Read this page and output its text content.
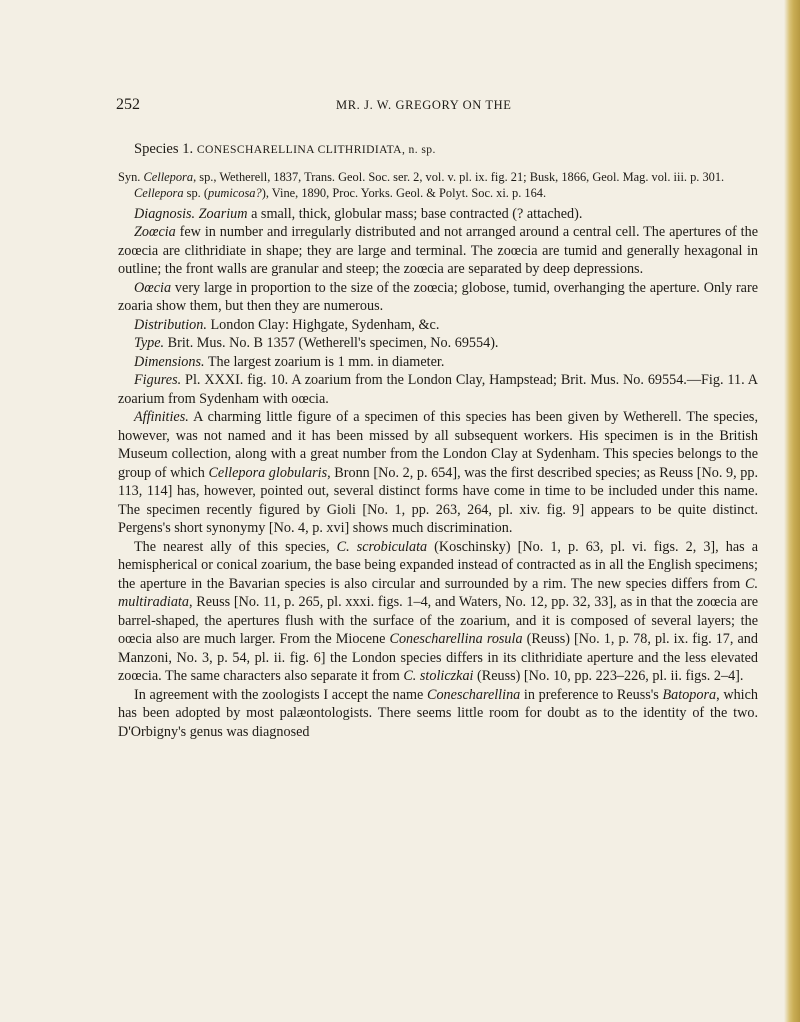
252	MR. J. W. GREGORY ON THE

Species 1. CONESCHARELLINA CLITHRIDIATA, n. sp.

Syn. Cellepora, sp., Wetherell, 1837, Trans. Geol. Soc. ser. 2, vol. v. pl. ix. fig. 21; Busk, 1866, Geol. Mag. vol. iii. p. 301.

Cellepora sp. (pumicosa?), Vine, 1890, Proc. Yorks. Geol. & Polyt. Soc. xi. p. 164.

Diagnosis. Zoarium a small, thick, globular mass; base contracted (? attached).

Zoœcia few in number and irregularly distributed and not arranged around a central cell. The apertures of the zoœcia are clithridiate in shape; they are large and terminal. The zoœcia are tumid and generally hexagonal in outline; the front walls are granular and steep; the zoœcia are separated by deep depressions.

Oœcia very large in proportion to the size of the zoœcia; globose, tumid, overhanging the aperture. Only rare zoaria show them, but then they are numerous.

Distribution. London Clay: Highgate, Sydenham, &c.

Type. Brit. Mus. No. B 1357 (Wetherell's specimen, No. 69554).

Dimensions. The largest zoarium is 1 mm. in diameter.

Figures. Pl. XXXI. fig. 10. A zoarium from the London Clay, Hampstead; Brit. Mus. No. 69554.—Fig. 11. A zoarium from Sydenham with oœcia.

Affinities. A charming little figure of a specimen of this species has been given by Wetherell. The species, however, was not named and it has been missed by all subsequent workers. His specimen is in the British Museum collection, along with a great number from the London Clay at Sydenham. This species belongs to the group of which Cellepora globularis, Bronn [No. 2, p. 654], was the first described species; as Reuss [No. 9, pp. 113, 114] has, however, pointed out, several distinct forms have come in time to be included under this name. The specimen recently figured by Gioli [No. 1, pp. 263, 264, pl. xiv. fig. 9] appears to be quite distinct. Pergens's short synonymy [No. 4, p. xvi] shows much discrimination.

The nearest ally of this species, C. scrobiculata (Koschinsky) [No. 1, p. 63, pl. vi. figs. 2, 3], has a hemispherical or conical zoarium, the base being expanded instead of contracted as in all the English specimens; the aperture in the Bavarian species is also circular and surrounded by a rim. The new species differs from C. multiradiata, Reuss [No. 11, p. 265, pl. xxxi. figs. 1–4, and Waters, No. 12, pp. 32, 33], as in that the zoœcia are barrel-shaped, the apertures flush with the surface of the zoarium, and it is composed of several layers; the oœcia also are much larger. From the Miocene Conescharellina rosula (Reuss) [No. 1, p. 78, pl. ix. fig. 17, and Manzoni, No. 3, p. 54, pl. ii. fig. 6] the London species differs in its clithridiate aperture and the less elevated zoœcia. The same characters also separate it from C. stoliczkai (Reuss) [No. 10, pp. 223–226, pl. ii. figs. 2–4].

In agreement with the zoologists I accept the name Conescharellina in preference to Reuss's Batopora, which has been adopted by most palæontologists. There seems little room for doubt as to the identity of the two. D'Orbigny's genus was diagnosed
